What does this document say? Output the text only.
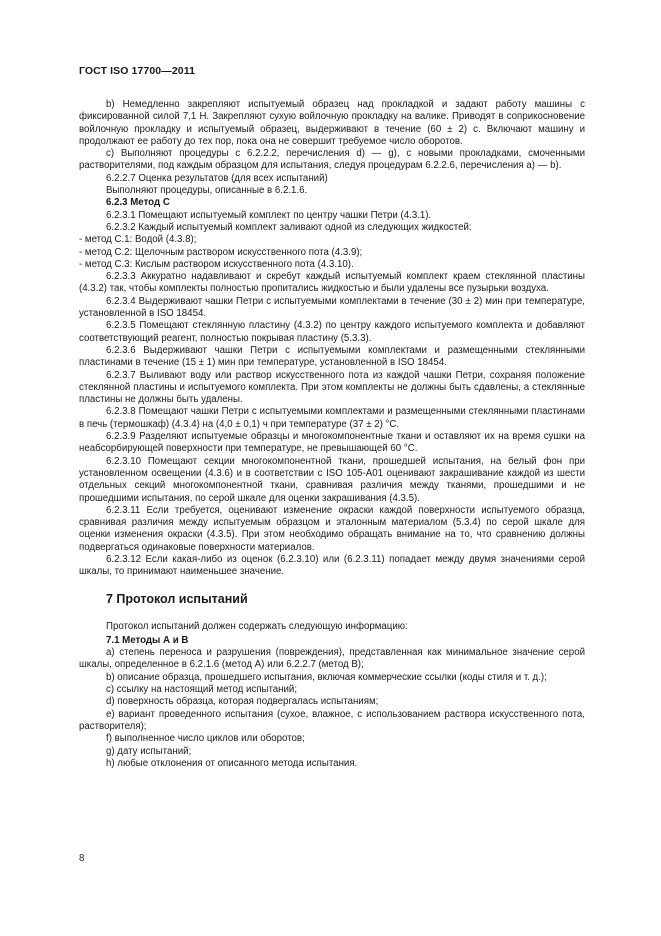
ГОСТ ISO 17700—2011

b) Немедленно закрепляют испытуемый образец над прокладкой и задают работу машины с фиксированной силой 7,1 Н. Закрепляют сухую войлочную прокладку на валике. Приводят в соприкосновение войлочную прокладку и испытуемый образец, выдерживают в течение (60 ± 2) с. Включают машину и продолжают ее работу до тех пор, пока она не совершит требуемое число оборотов.

c) Выполняют процедуры с 6.2.2.2, перечисления d) — g), с новыми прокладками, смоченными растворителями, под каждым образцом для испытания, следуя процедурам 6.2.2.6, перечисления a) — b).

6.2.2.7 Оценка результатов (для всех испытаний)

Выполняют процедуры, описанные в 6.2.1.6.

6.2.3 Метод С

6.2.3.1 Помещают испытуемый комплект по центру чашки Петри (4.3.1).

6.2.3.2 Каждый испытуемый комплект заливают одной из следующих жидкостей:

- метод С.1: Водой (4.3.8);

- метод С.2: Щелочным раствором искусственного пота (4.3.9);

- метод С.3: Кислым раствором искусственного пота (4.3.10).

6.2.3.3 Аккуратно надавливают и скребут каждый испытуемый комплект краем стеклянной пластины (4.3.2) так, чтобы комплекты полностью пропитались жидкостью и были удалены все пузырьки воздуха.

6.2.3.4 Выдерживают чашки Петри с испытуемыми комплектами в течение (30 ± 2) мин при температуре, установленной в ISO 18454.

6.2.3.5 Помещают стеклянную пластину (4.3.2) по центру каждого испытуемого комплекта и добавляют соответствующий реагент, полностью покрывая пластину (5.3.3).

6.2.3.6 Выдерживают чашки Петри с испытуемыми комплектами и размещенными стеклянными пластинами в течение (15 ± 1) мин при температуре, установленной в ISO 18454.

6.2.3.7 Выливают воду или раствор искусственного пота из каждой чашки Петри, сохраняя положение стеклянной пластины и испытуемого комплекта. При этом комплекты не должны быть сдавлены, а стеклянные пластины не должны быть удалены.

6.2.3.8 Помещают чашки Петри с испытуемыми комплектами и размещенными стеклянными пластинами в печь (термошкаф) (4.3.4) на (4,0 ± 0,1) ч при температуре (37 ± 2) °С.

6.2.3.9 Разделяют испытуемые образцы и многокомпонентные ткани и оставляют их на время сушки на неабсорбирующей поверхности при температуре, не превышающей 60 °С.

6.2.3.10 Помещают секции многокомпонентной ткани, прошедшей испытания, на белый фон при установленном освещении (4.3.6) и в соответствии с ISO 105-A01 оценивают закрашивание каждой из шести отдельных секций многокомпонентной ткани, сравнивая различия между тканями, прошедшими и не прошедшими испытания, по серой шкале для оценки закрашивания (4.3.5).

6.2.3.11 Если требуется, оценивают изменение окраски каждой поверхности испытуемого образца, сравнивая различия между испытуемым образцом и эталонным материалом (5.3.4) по серой шкале для оценки изменения окраски (4.3.5). При этом необходимо обращать внимание на то, что сравнению должны подвергаться одинаковые поверхности материалов.

6.2.3.12 Если какая-либо из оценок (6.2.3.10) или (6.2.3.11) попадает между двумя значениями серой шкалы, то принимают наименьшее значение.

7 Протокол испытаний

Протокол испытаний должен содержать следующую информацию:

7.1 Методы А и В

а) степень переноса и разрушения (повреждения), представленная как минимальное значение серой шкалы, определенное в 6.2.1.6 (метод А) или 6.2.2.7 (метод В);

b) описание образца, прошедшего испытания, включая коммерческие ссылки (коды стиля и т. д.);

c) ссылку на настоящий метод испытаний;

d) поверхность образца, которая подвергалась испытаниям;

e) вариант проведенного испытания (сухое, влажное, с использованием раствора искусственного пота, растворителя);

f) выполненное число циклов или оборотов;

g) дату испытаний;

h) любые отклонения от описанного метода испытания.

8
